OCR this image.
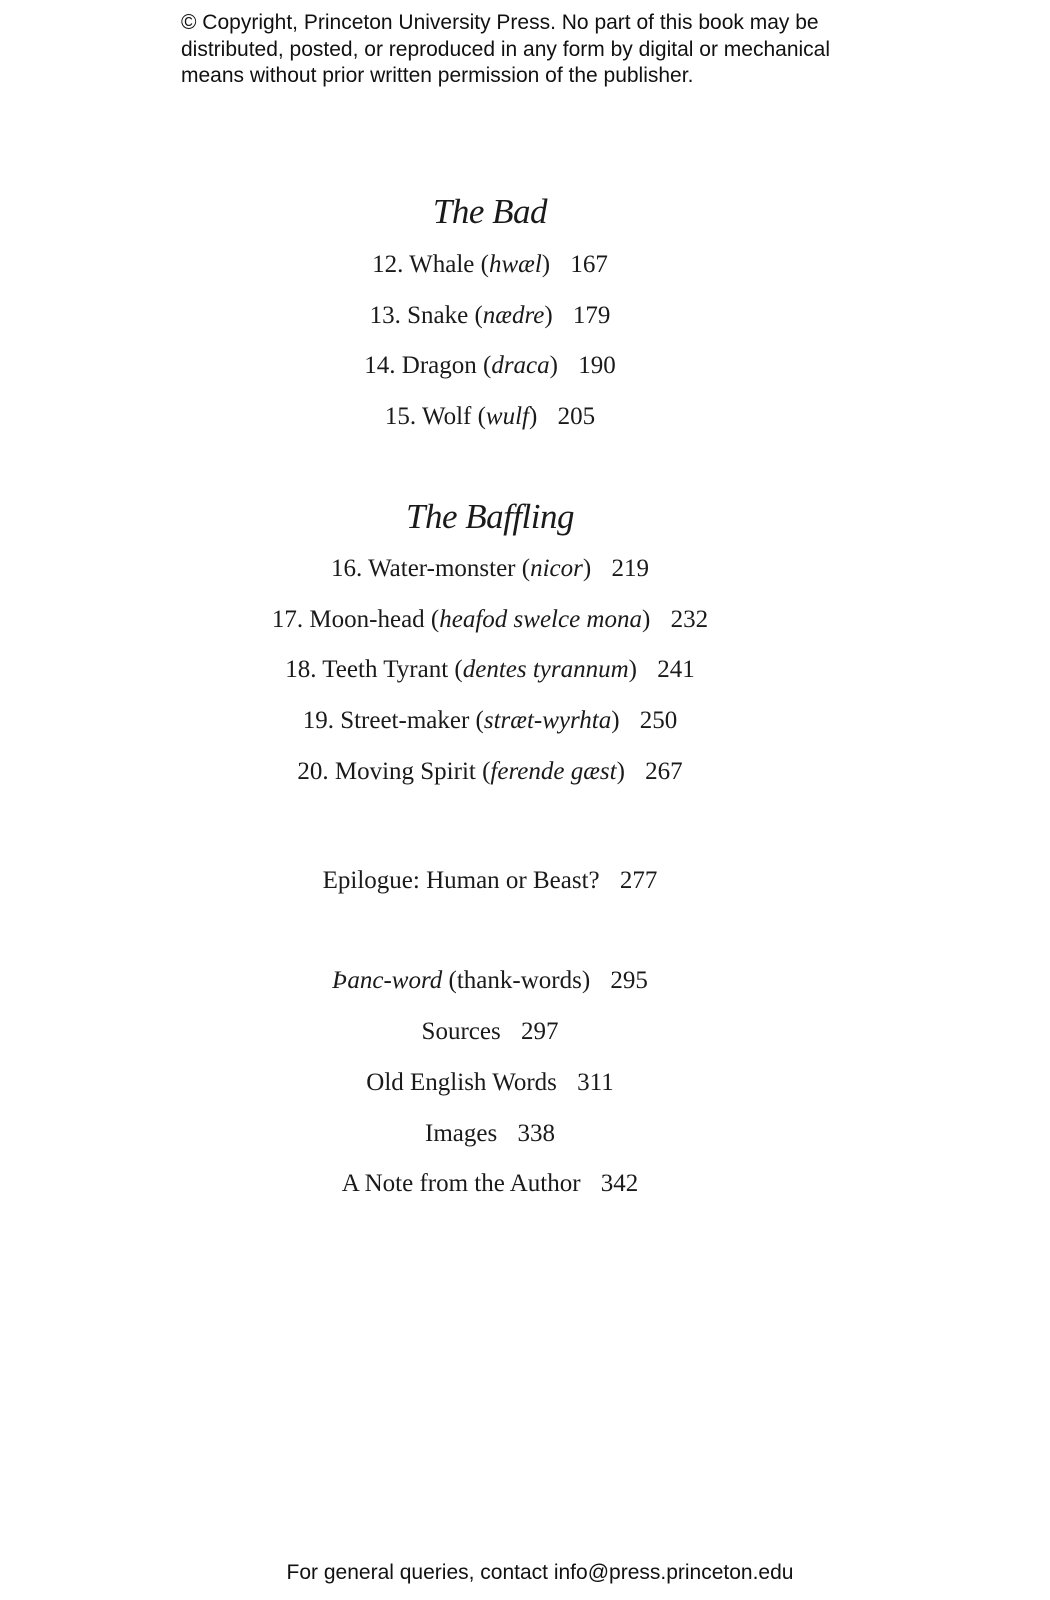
© Copyright, Princeton University Press. No part of this book may be
distributed, posted, or reproduced in any form by digital or mechanical
means without prior written permission of the publisher.
The Bad
12. Whale (hwæl) 167
13. Snake (nædre) 179
14. Dragon (draca) 190
15. Wolf (wulf) 205
The Baffling
16. Water-monster (nicor) 219
17. Moon-head (heafod swelce mona) 232
18. Teeth Tyrant (dentes tyrannum) 241
19. Street-maker (stræt-wyrhta) 250
20. Moving Spirit (ferende gæst) 267
Epilogue: Human or Beast? 277
Þanc-word (thank-words) 295
Sources 297
Old English Words 311
Images 338
A Note from the Author 342
For general queries, contact info@press.princeton.edu
